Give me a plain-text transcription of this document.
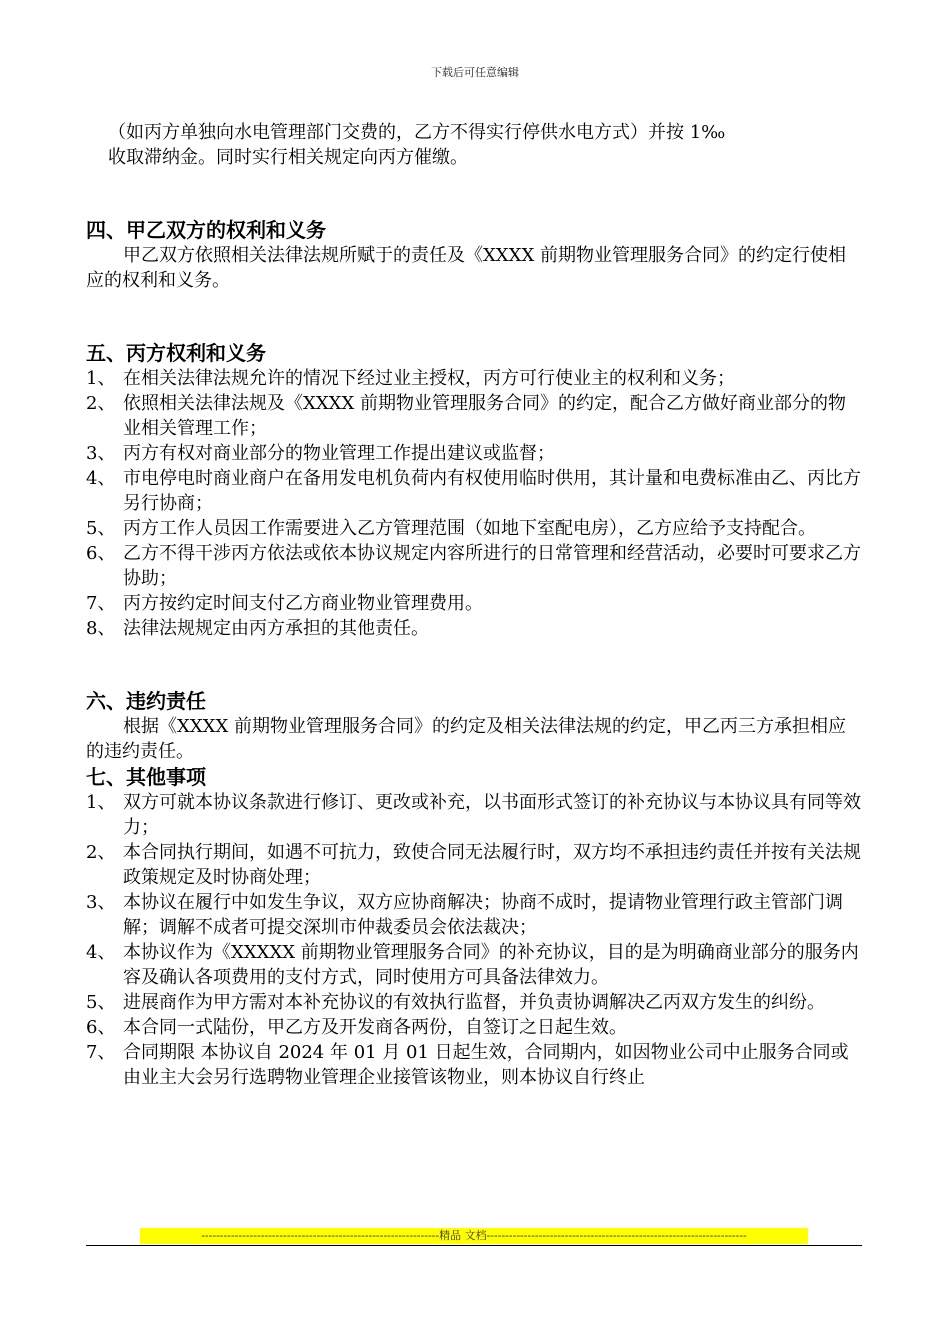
下载后可任意编辑
（如丙方单独向水电管理部门交费的，乙方不得实行停供水电方式）并按 1‰
收取滞纳金。同时实行相关规定向丙方催缴。
四、甲乙双方的权利和义务
甲乙双方依照相关法律法规所赋于的责任及《XXXX 前期物业管理服务合同》的约定行使相应的权利和义务。
五、丙方权利和义务
1、 在相关法律法规允许的情况下经过业主授权，丙方可行使业主的权利和义务；
2、 依照相关法律法规及《XXXX 前期物业管理服务合同》的约定，配合乙方做好商业部分的物业相关管理工作；
3、 丙方有权对商业部分的物业管理工作提出建议或监督；
4、 市电停电时商业商户在备用发电机负荷内有权使用临时供用，其计量和电费标准由乙、丙比方另行协商；
5、 丙方工作人员因工作需要进入乙方管理范围（如地下室配电房），乙方应给予支持配合。
6、 乙方不得干涉丙方依法或依本协议规定内容所进行的日常管理和经营活动，必要时可要求乙方协助；
7、 丙方按约定时间支付乙方商业物业管理费用。
8、 法律法规规定由丙方承担的其他责任。
六、违约责任
根据《XXXX 前期物业管理服务合同》的约定及相关法律法规的约定，甲乙丙三方承担相应的违约责任。
七、其他事项
1、 双方可就本协议条款进行修订、更改或补充，以书面形式签订的补充协议与本协议具有同等效力；
2、 本合同执行期间，如遇不可抗力，致使合同无法履行时，双方均不承担违约责任并按有关法规政策规定及时协商处理；
3、 本协议在履行中如发生争议，双方应协商解决；协商不成时，提请物业管理行政主管部门调解；调解不成者可提交深圳市仲裁委员会依法裁决；
4、 本协议作为《XXXXX 前期物业管理服务合同》的补充协议，目的是为明确商业部分的服务内容及确认各项费用的支付方式，同时使用方可具备法律效力。
5、 进展商作为甲方需对本补充协议的有效执行监督，并负责协调解决乙丙双方发生的纠纷。
6、 本合同一式陆份，甲乙方及开发商各两份，自签订之日起生效。
7、 合同期限 本协议自 2024 年 01 月 01 日起生效，合同期内，如因物业公司中止服务合同或由业主大会另行选聘物业管理企业接管该物业，则本协议自行终止
----------------------------------------------------------------精品 文档----------------------------------------------------------------------
